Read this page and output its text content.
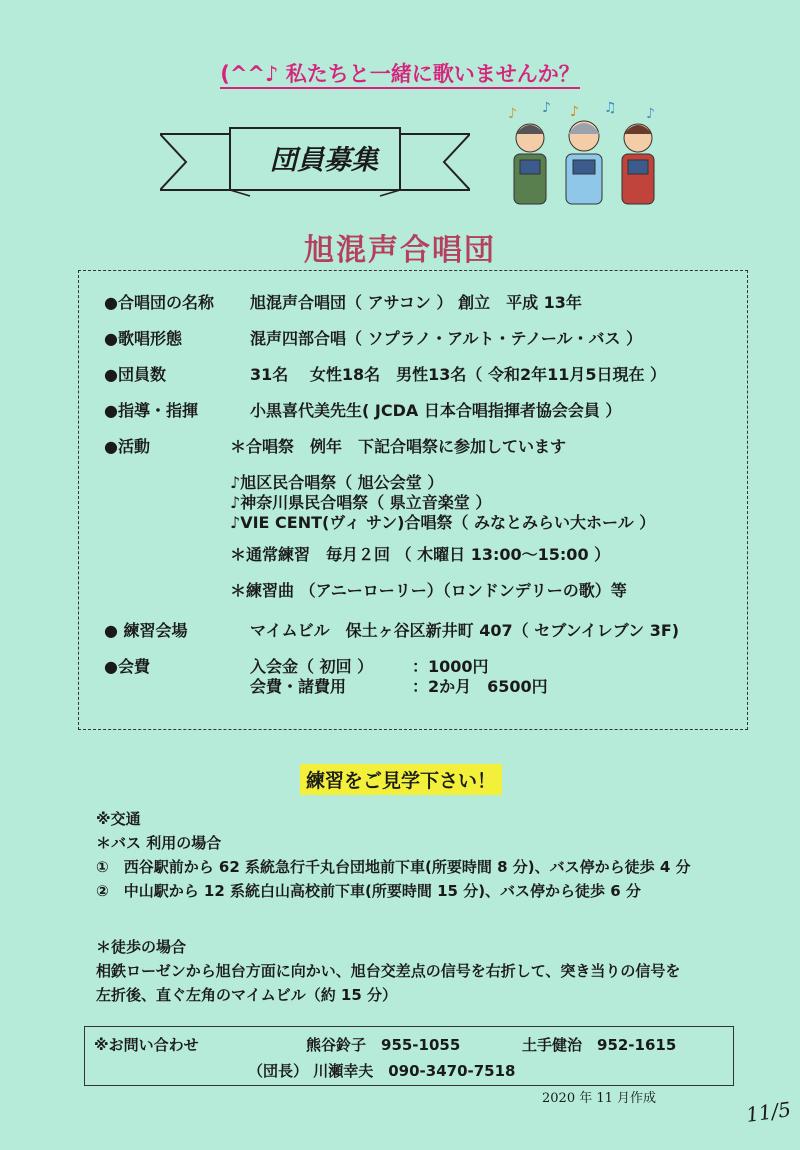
(^^♪ 私たちと一緒に歌いませんか？
団員募集
♪ ♪ ♪ ♫ ♪
旭混声合唱団
●合唱団の名称 旭混声合唱団（ アサコン ） 創立　平成 13年
●歌唱形態	混声四部合唱（ ソプラノ・アルト・テノール・バス ）
●団員数	31名　 女性18名　男性13名（ 令和2年11月5日現在 ）
●指導・指揮	小黒喜代美先生( JCDA 日本合唱指揮者協会会員 ）
●活動	＊合唱祭　例年　下記合唱祭に参加しています
♪旭区民合唱祭（ 旭公会堂 ）
♪神奈川県民合唱祭（ 県立音楽堂 ）
♪VIE CENT(ヴィ サン)合唱祭（ みなとみらい大ホール ）
＊通常練習　毎月２回 （ 木曜日 13:00～15:00 ）
＊練習曲 （アニーローリー）（ロンドンデリーの歌）等
● 練習会場	マイムビル　保土ヶ谷区新井町 407（ セブンイレブン 3F)
●会費	入会金（ 初回 ） ：1000円
会費・諸費用	：2か月　6500円
練習をご見学下さい！
※交通
＊バス 利用の場合
①　西谷駅前から 62 系統急行千丸台団地前下車(所要時間 8 分)、バス停から徒歩 4 分
②　中山駅から 12 系統白山高校前下車(所要時間 15 分)、バス停から徒歩 6 分
＊徒歩の場合
相鉄ローゼンから旭台方面に向かい、旭台交差点の信号を右折して、突き当りの信号を
左折後、直ぐ左角のマイムビル（約 15 分）
※お問い合わせ	熊谷鈴子　955-1055	土手健治　952-1615
（団長） 川瀬幸夫　090-3470-7518
2020 年 11 月作成	11/5
